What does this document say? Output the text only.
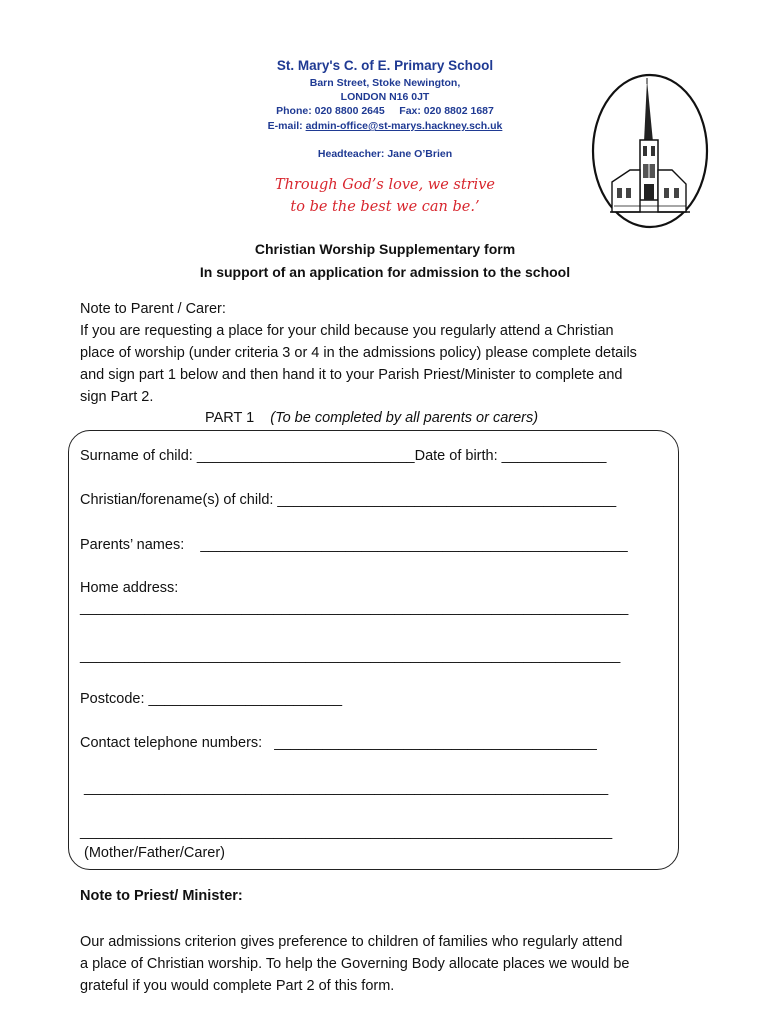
St. Mary's C. of E. Primary School
Barn Street, Stoke Newington,
LONDON N16 0JT
Phone: 020 8800 2645     Fax: 020 8802 1687
E-mail: admin-office@st-marys.hackney.sch.uk
Headteacher: Jane O’Brien
Through God’s love, we strive
to be the best we can be.’
Christian Worship Supplementary form
In support of an application for admission to the school
Note to Parent / Carer:
If you are requesting a place for your child because you regularly attend a Christian
place of worship (under criteria 3 or 4 in the admissions policy) please complete details
and sign part 1 below and then hand it to your Parish Priest/Minister to complete and
sign Part 2.
PART 1 (To be completed by all parents or carers)
Surname of child: ___________________________Date of birth: _____________
Christian/forename(s) of child: __________________________________________
Parents’ names:    _____________________________________________________
Home address:
____________________________________________________________________
___________________________________________________________________
Postcode: ________________________
Contact telephone numbers:   ________________________________________
_________________________________________________________________
__________________________________________________________________
(Mother/Father/Carer)
Note to Priest/ Minister:
Our admissions criterion gives preference to children of families who regularly attend
a place of Christian worship. To help the Governing Body allocate places we would be
grateful if you would complete Part 2 of this form.
